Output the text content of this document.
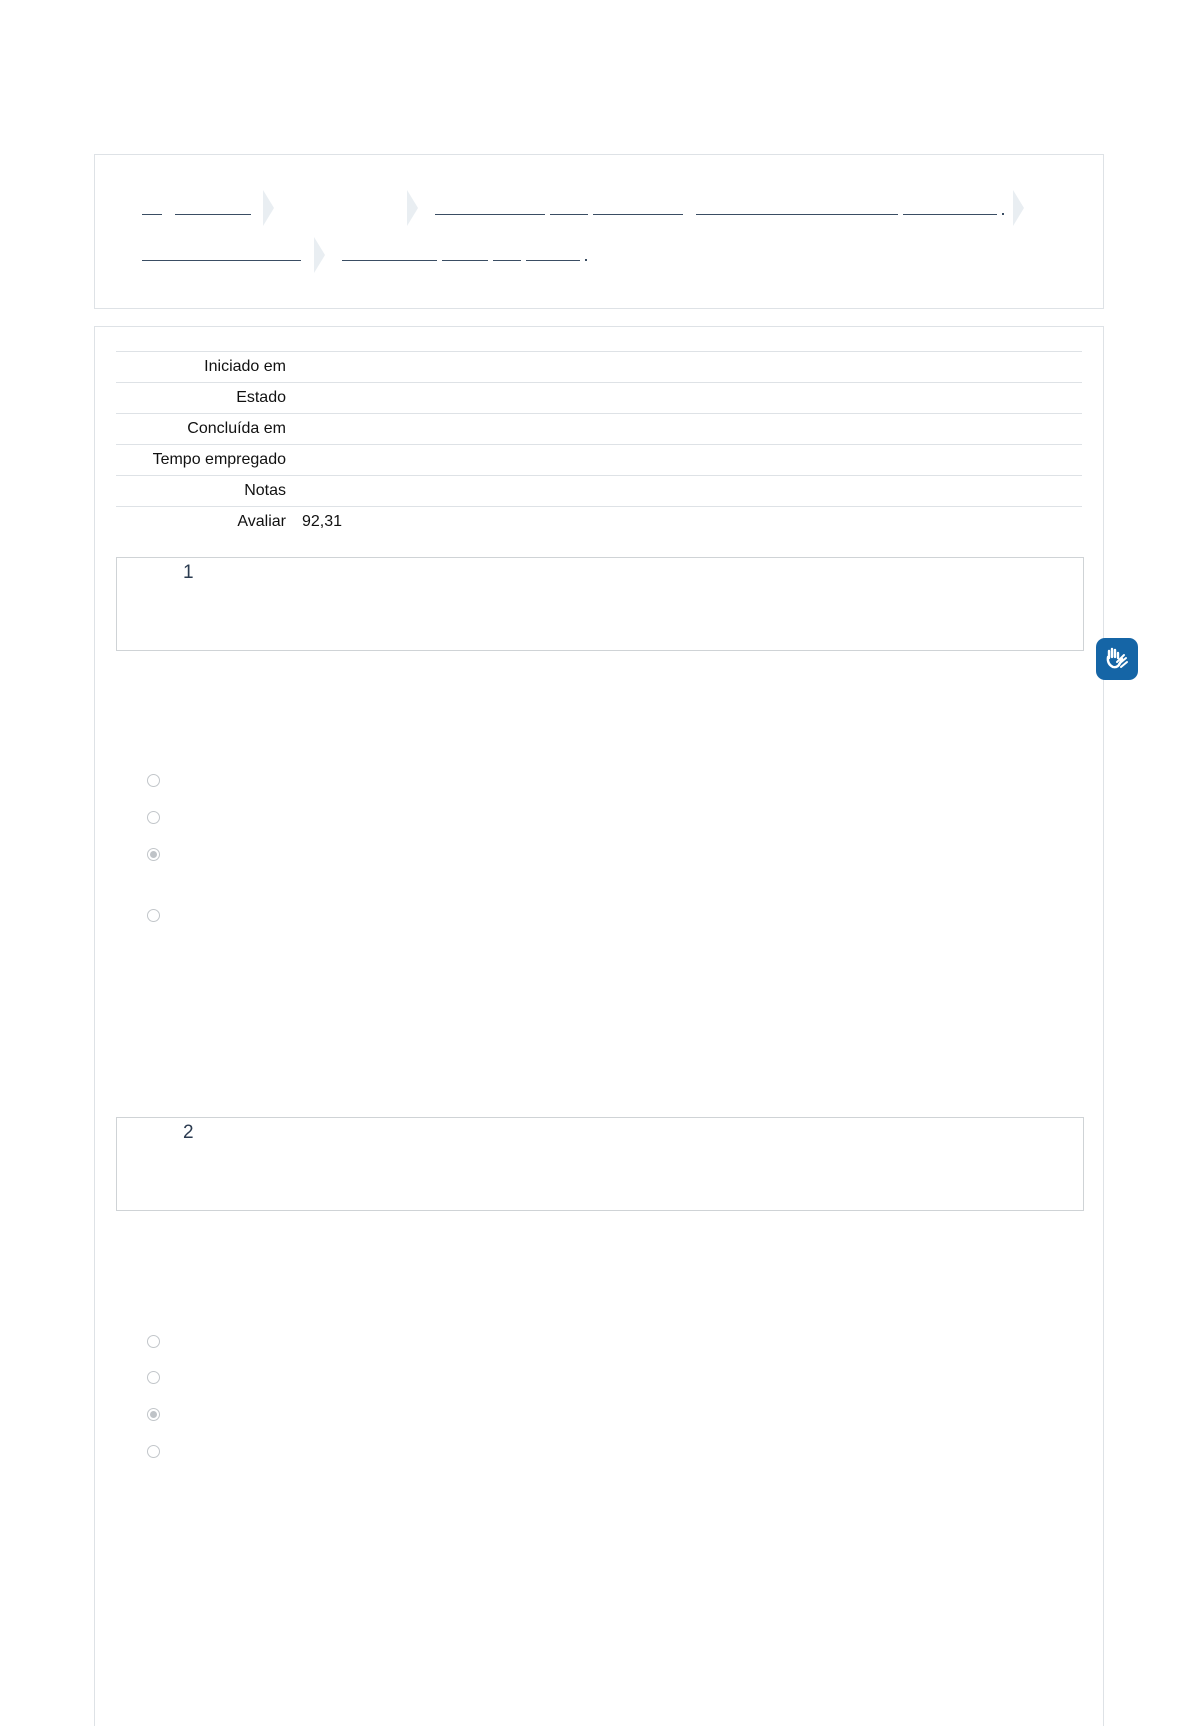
Iniciado em	
Estado	
Concluída em	
Tempo empregado	
Notas	
Avaliar	92,31
1
2
